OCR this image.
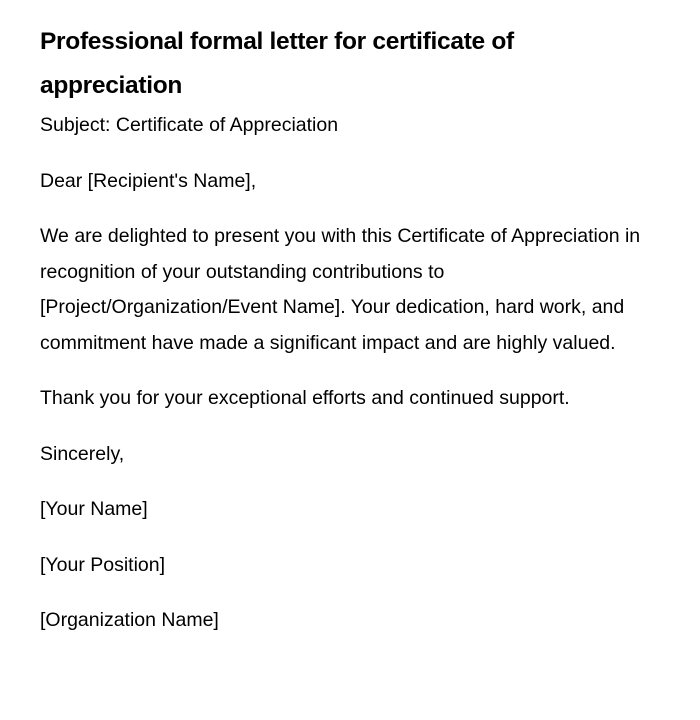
Professional formal letter for certificate of appreciation

Subject: Certificate of Appreciation

Dear [Recipient's Name],

We are delighted to present you with this Certificate of Appreciation in recognition of your outstanding contributions to [Project/Organization/Event Name]. Your dedication, hard work, and commitment have made a significant impact and are highly valued.

Thank you for your exceptional efforts and continued support.

Sincerely,

[Your Name]

[Your Position]

[Organization Name]
